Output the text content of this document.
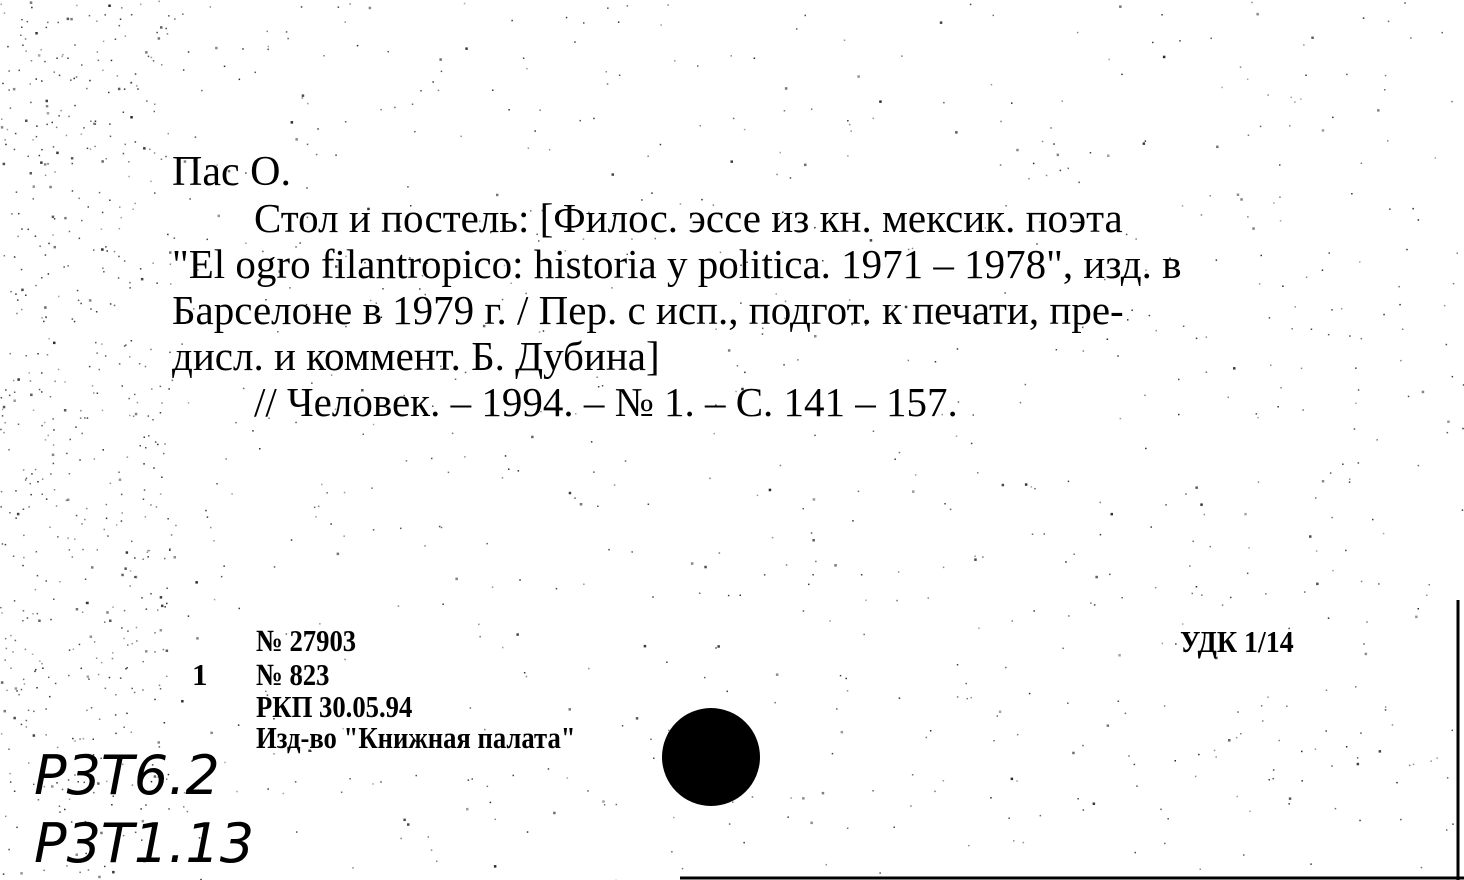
Пас О.
Стол и постель: [Филос. эссе из кн. мексик. поэта
"El ogro filantropico: historia y politica. 1971 – 1978", изд. в
Барселоне в 1979 г. / Пер. с исп., подгот. к печати, пре-
дисл. и коммент. Б. Дубина]
// Человек. – 1994. – № 1. – С. 141 – 157.
№ 27903
1 № 823
РКП 30.05.94
Изд-во "Книжная палата"
УДК 1/14
Р3Т6.2
Р3Т1.13
